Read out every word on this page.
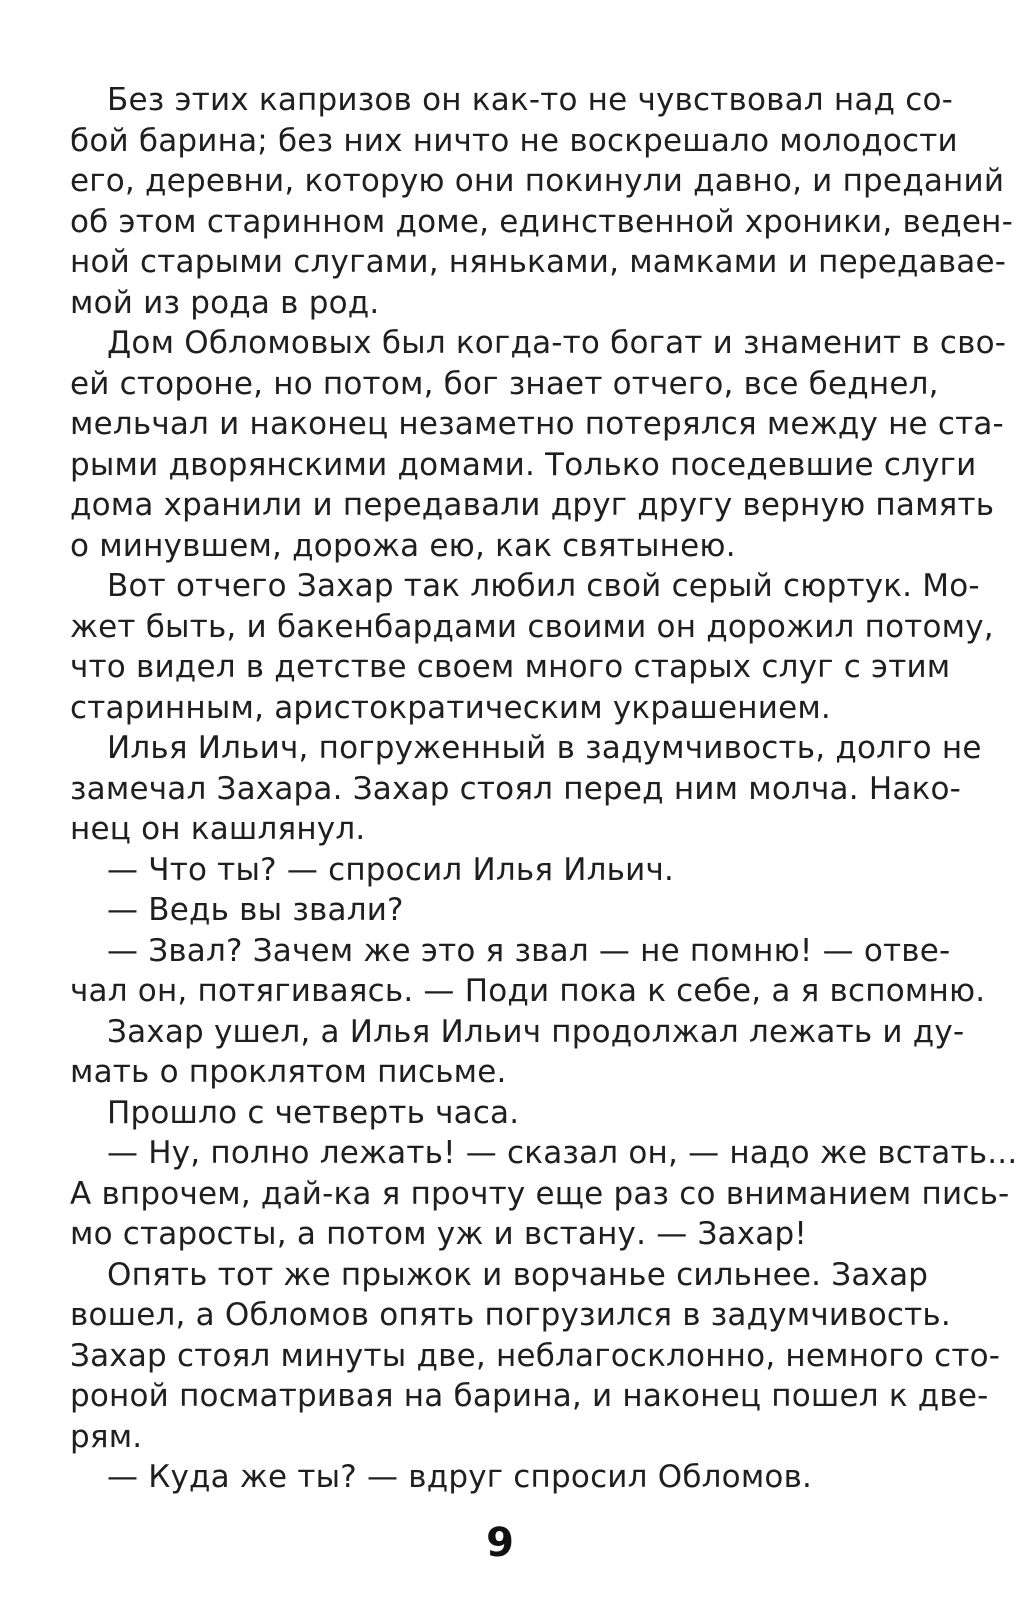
Без этих капризов он как-то не чувствовал над со-
бой барина; без них ничто не воскрешало молодости
его, деревни, которую они покинули давно, и преданий
об этом старинном доме, единственной хроники, веден-
ной старыми слугами, няньками, мамками и передавае-
мой из рода в род.
Дом Обломовых был когда-то богат и знаменит в сво-
ей стороне, но потом, бог знает отчего, все беднел,
мельчал и наконец незаметно потерялся между не ста-
рыми дворянскими домами. Только поседевшие слуги
дома хранили и передавали друг другу верную память
о минувшем, дорожа ею, как святынею.
Вот отчего Захар так любил свой серый сюртук. Мо-
жет быть, и бакенбардами своими он дорожил потому,
что видел в детстве своем много старых слуг с этим
старинным, аристократическим украшением.
Илья Ильич, погруженный в задумчивость, долго не
замечал Захара. Захар стоял перед ним молча. Нако-
нец он кашлянул.
— Что ты? — спросил Илья Ильич.
— Ведь вы звали?
— Звал? Зачем же это я звал — не помню! — отве-
чал он, потягиваясь. — Поди пока к себе, а я вспомню.
Захар ушел, а Илья Ильич продолжал лежать и ду-
мать о проклятом письме.
Прошло с четверть часа.
— Ну, полно лежать! — сказал он, — надо же встать...
А впрочем, дай-ка я прочту еще раз со вниманием пись-
мо старосты, а потом уж и встану. — Захар!
Опять тот же прыжок и ворчанье сильнее. Захар
вошел, а Обломов опять погрузился в задумчивость.
Захар стоял минуты две, неблагосклонно, немного сто-
роной посматривая на барина, и наконец пошел к две-
рям.
— Куда же ты? — вдруг спросил Обломов.
9
